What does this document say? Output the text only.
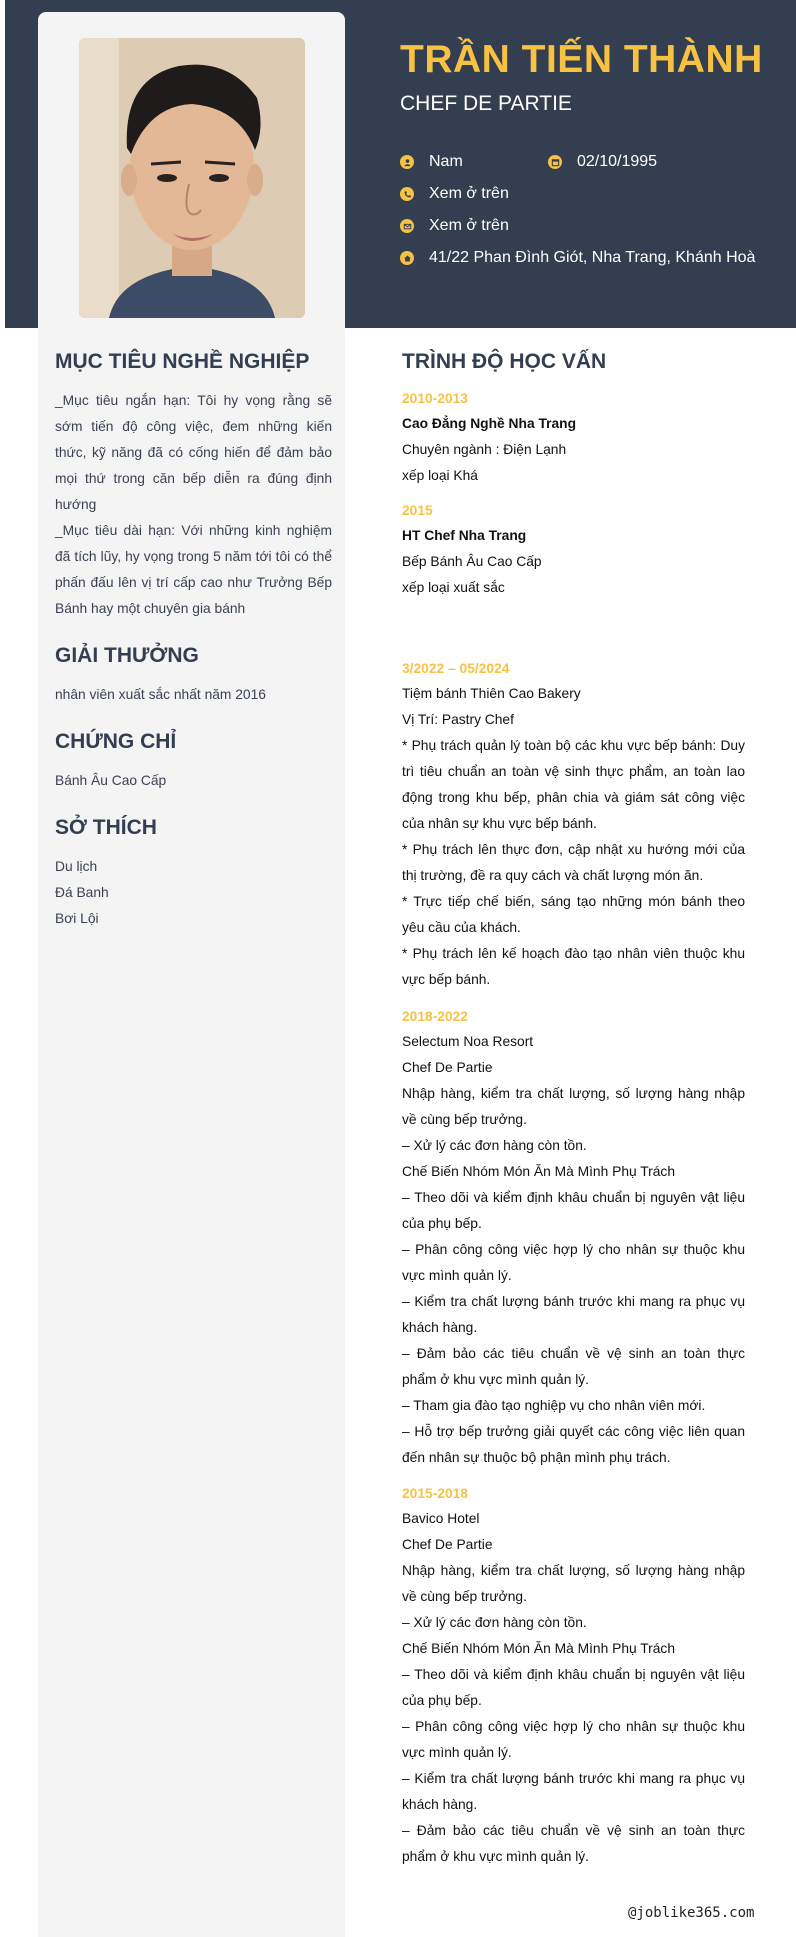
TRẦN TIẾN THÀNH
CHEF DE PARTIE
Nam	02/10/1995
Xem ở trên
Xem ở trên
41/22 Phan Đình Giót, Nha Trang, Khánh Hoà
MỤC TIÊU NGHỀ NGHIỆP

_Mục tiêu ngắn hạn: Tôi hy vọng rằng sẽ sớm tiến độ công việc, đem những kiến thức, kỹ năng đã có cống hiến để đảm bảo mọi thứ trong căn bếp diễn ra đúng định hướng

_Mục tiêu dài hạn: Với những kinh nghiệm đã tích lũy, hy vọng trong 5 năm tới tôi có thể phấn đấu lên vị trí cấp cao như Trưởng Bếp Bánh hay một chuyên gia bánh

GIẢI THƯỞNG
nhân viên xuất sắc nhất năm 2016
CHỨNG CHỈ
Bánh Âu Cao Cấp
SỞ THÍCH
Du lịch
Đá Banh
Bơi Lội
TRÌNH ĐỘ HỌC VẤN
2010-2013
Cao Đẳng Nghề Nha Trang
Chuyên ngành : Điện Lạnh
xếp loại Khá
2015
HT Chef Nha Trang
Bếp Bánh Âu Cao Cấp
xếp loại xuất sắc
3/2022 – 05/2024
Tiệm bánh Thiên Cao Bakery
Vị Trí: Pastry Chef

* Phụ trách quản lý toàn bộ các khu vực bếp bánh: Duy trì tiêu chuẩn an toàn vệ sinh thực phẩm, an toàn lao động trong khu bếp, phân chia và giám sát công việc của nhân sự khu vực bếp bánh.

* Phụ trách lên thực đơn, cập nhật xu hướng mới của thị trường, đề ra quy cách và chất lượng món ăn.

* Trực tiếp chế biến, sáng tạo những món bánh theo yêu cầu của khách.

* Phụ trách lên kế hoạch đào tạo nhân viên thuộc khu vực bếp bánh.

2018-2022
Selectum Noa Resort
Chef De Partie

Nhập hàng, kiểm tra chất lượng, số lượng hàng nhập về cùng bếp trưởng.

– Xử lý các đơn hàng còn tồn.

Chế Biến Nhóm Món Ăn Mà Mình Phụ Trách

– Theo dõi và kiểm định khâu chuẩn bị nguyên vật liệu của phụ bếp.

– Phân công công việc hợp lý cho nhân sự thuộc khu vực mình quản lý.

– Kiểm tra chất lượng bánh trước khi mang ra phục vụ khách hàng.

– Đảm bảo các tiêu chuẩn về vệ sinh an toàn thực phẩm ở khu vực mình quản lý.

– Tham gia đào tạo nghiệp vụ cho nhân viên mới.

– Hỗ trợ bếp trưởng giải quyết các công việc liên quan đến nhân sự thuộc bộ phận mình phụ trách.

2015-2018
Bavico Hotel
Chef De Partie

Nhập hàng, kiểm tra chất lượng, số lượng hàng nhập về cùng bếp trưởng.

– Xử lý các đơn hàng còn tồn.

Chế Biến Nhóm Món Ăn Mà Mình Phụ Trách

– Theo dõi và kiểm định khâu chuẩn bị nguyên vật liệu của phụ bếp.

– Phân công công việc hợp lý cho nhân sự thuộc khu vực mình quản lý.

– Kiểm tra chất lượng bánh trước khi mang ra phục vụ khách hàng.

– Đảm bảo các tiêu chuẩn về vệ sinh an toàn thực phẩm ở khu vực mình quản lý.

@joblike365.com
